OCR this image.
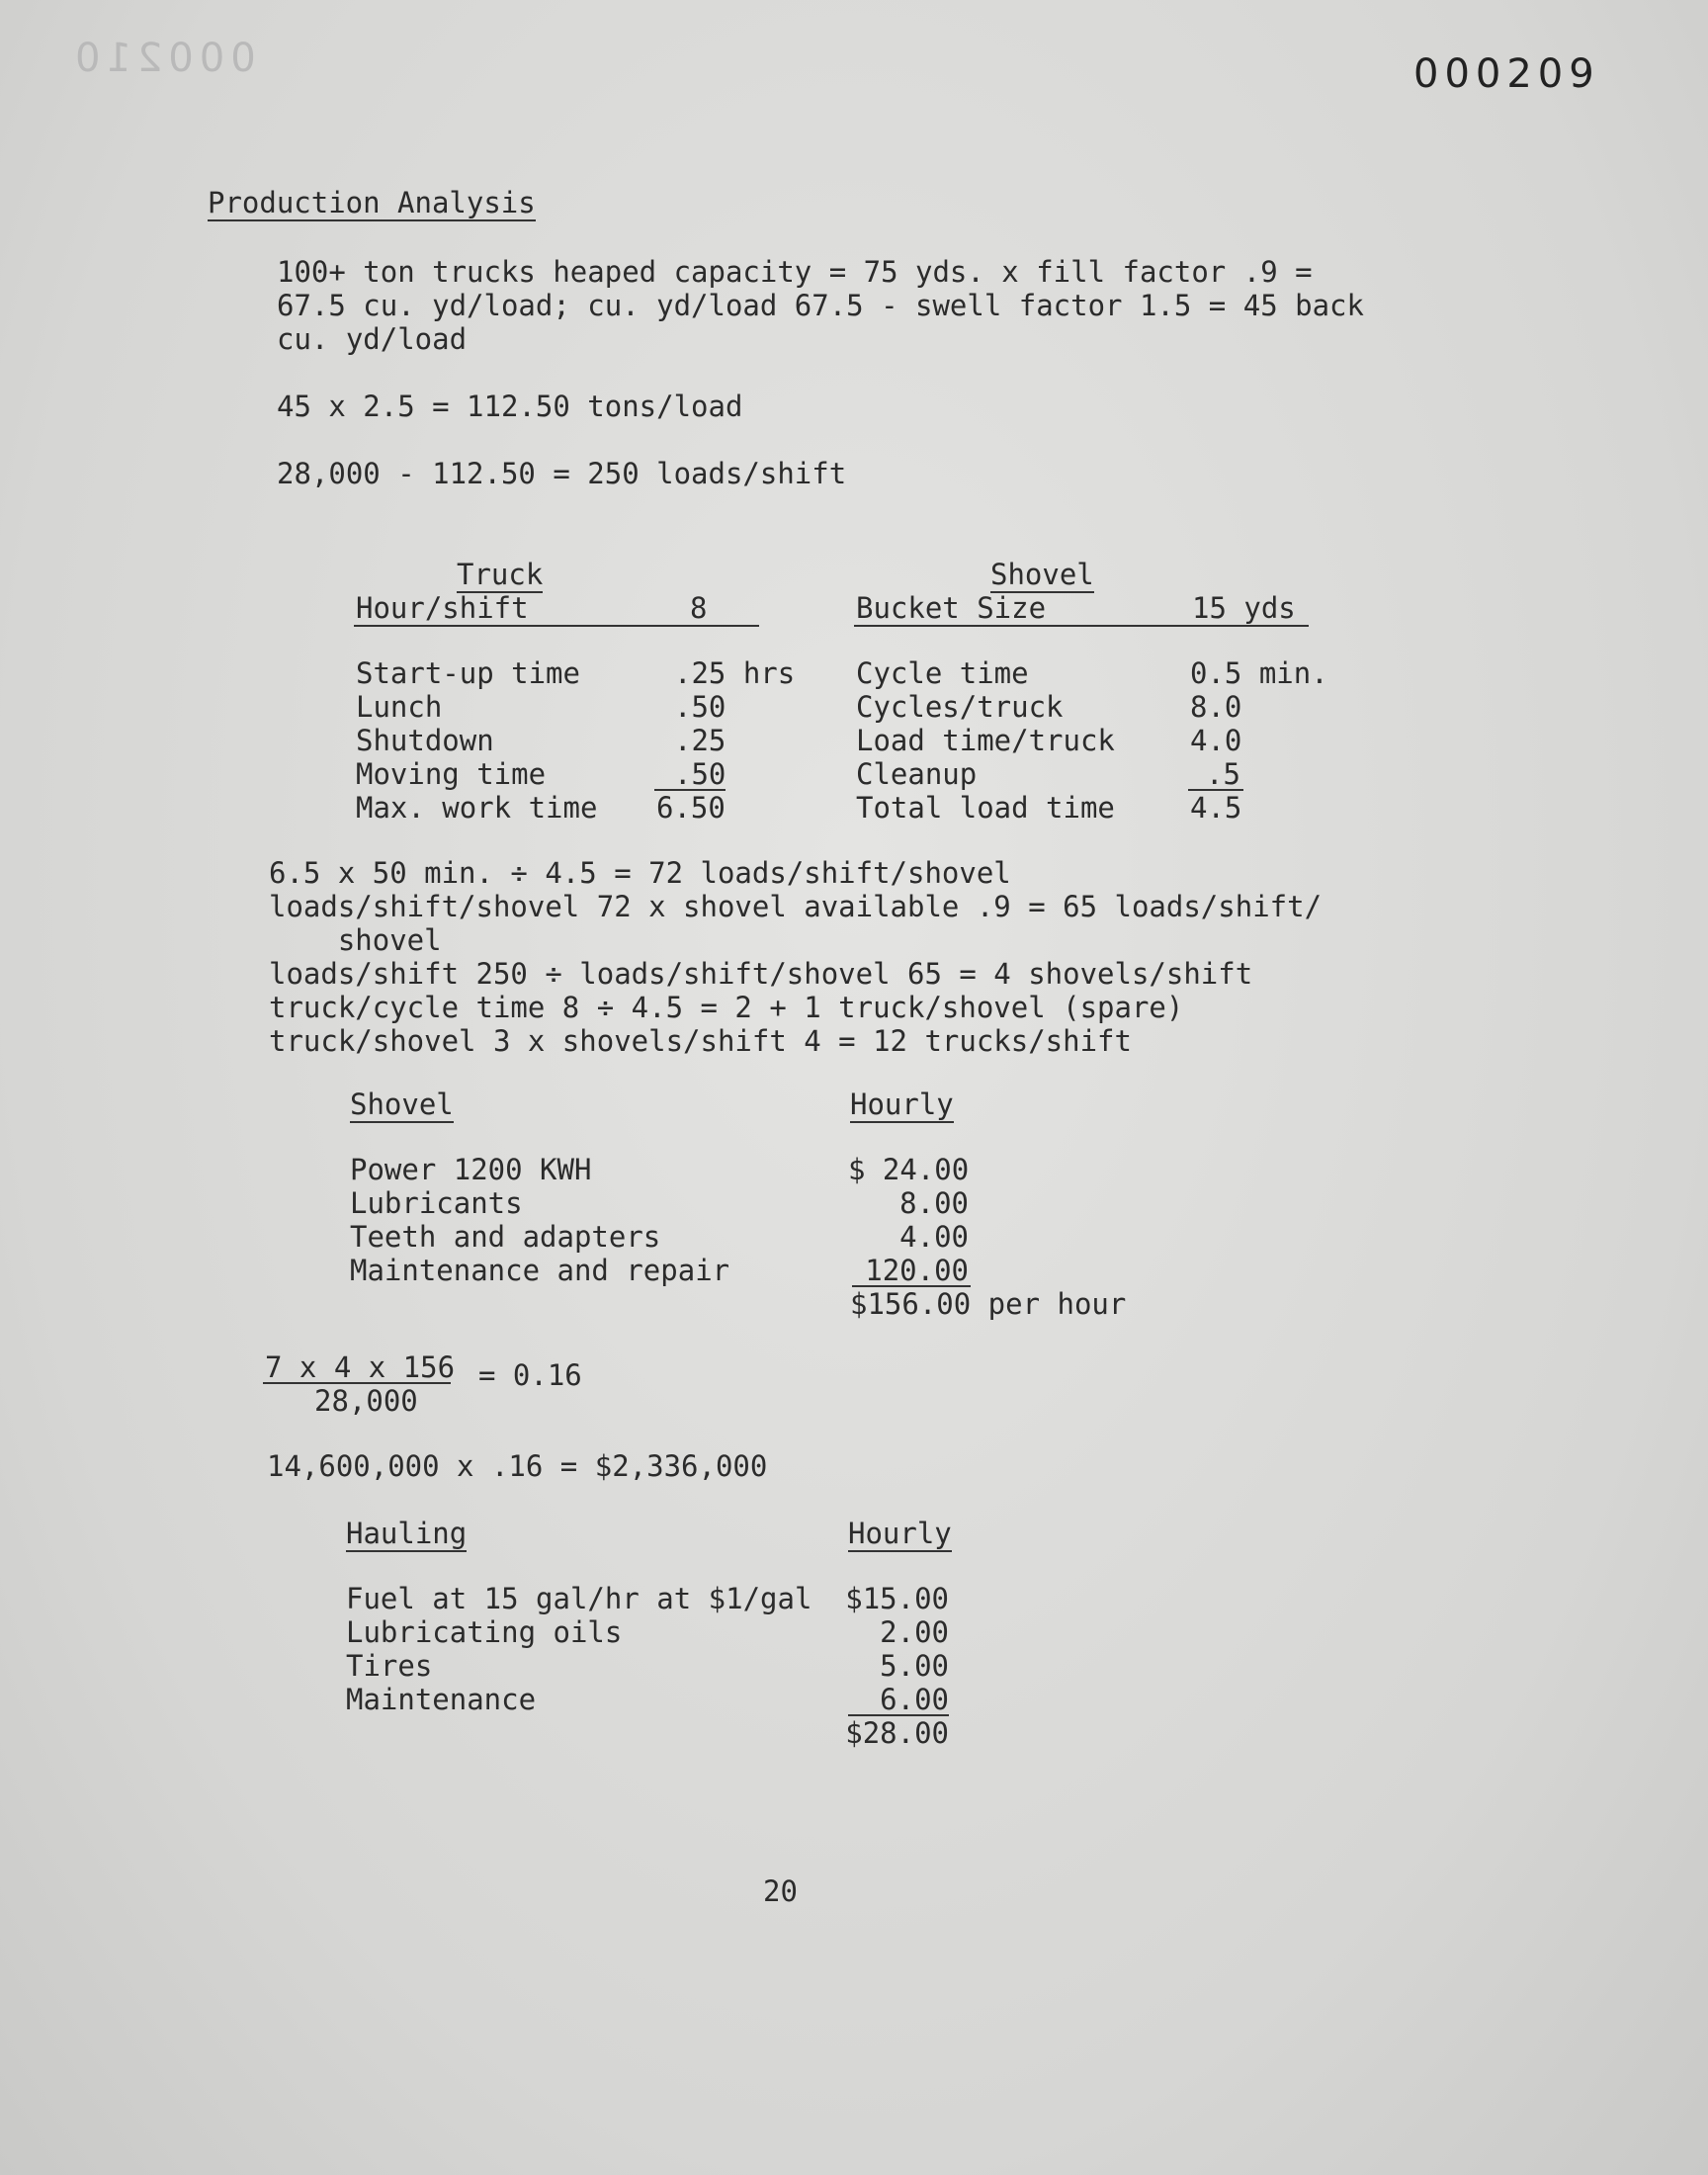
000210	000209
Production Analysis
100+ ton trucks heaped capacity = 75 yds. x fill factor .9 =
67.5 cu. yd/load; cu. yd/load 67.5 - swell factor 1.5 = 45 back
cu. yd/load
45 x 2.5 = 112.50 tons/load
28,000 - 112.50 = 250 loads/shift
Truck
Hour/shift	8
Start-up time	.25 hrs
Lunch	.50
Shutdown	.25
Moving time	.50
Max. work time 6.50
Shovel
Bucket Size	15 yds
Cycle time	0.5 min.
Cycles/truck	8.0
Load time/truck	4.0
Cleanup	.5
Total load time	4.5
6.5 x 50 min. ÷ 4.5 = 72 loads/shift/shovel
loads/shift/shovel 72 x shovel available .9 = 65 loads/shift/
shovel
loads/shift 250 ÷ loads/shift/shovel 65 = 4 shovels/shift
truck/cycle time 8 ÷ 4.5 = 2 + 1 truck/shovel (spare)
truck/shovel 3 x shovels/shift 4 = 12 trucks/shift
Shovel	Hourly
Power 1200 KWH	$ 24.00
Lubricants	8.00
Teeth and adapters	4.00
Maintenance and repair	120.00
$156.00 per hour
7 x 4 x 156
28,000
= 0.16
14,600,000 x .16 = $2,336,000
Hauling	Hourly
Fuel at 15 gal/hr at $1/gal	$15.00
Lubricating oils	2.00
Tires	5.00
Maintenance	6.00
$28.00
20
